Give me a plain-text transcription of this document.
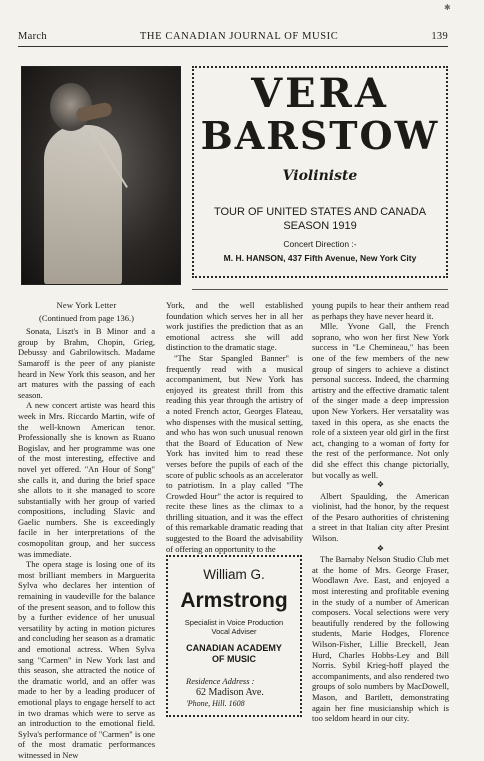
✱
March	THE CANADIAN JOURNAL OF MUSIC	139
VERA
BARSTOW
Violiniste
TOUR OF UNITED STATES AND CANADA
SEASON 1919
Concert Direction :-
M. H. HANSON, 437 Fifth Avenue, New York City
New York Letter

(Continued from page 136.)

Sonata, Liszt's in B Minor and a group by Brahm, Chopin, Grieg, Debussy and Gabrilowitsch. Madame Samaroff is the peer of any pianiste heard in New York this season, and her art matures with the passing of each season.

A new concert artiste was heard this week in Mrs. Riccardo Martin, wife of the well-known American tenor. Professionally she is known as Ruano Bogislav, and her programme was one of the most interesting, effective and novel yet offered. "An Hour of Song" she calls it, and during the brief space she allots to it she managed to score substantially with her group of varied compositions, including Slavic and Gaelic numbers. She is exceedingly facile in her interpretations of the cosmopolitan group, and her success was immediate.

The opera stage is losing one of its most brilliant members in Marguerita Sylva who declares her intention of remaining in vaudeville for the balance of the present season, and to follow this by a further evidence of her unusual versatility by acting in motion pictures and concluding her season as a dramatic and emotional actress. When Sylva sang "Carmen" in New York last and this season, she attracted the notice of the dramatic world, and an offer was made to her by a leading producer of emotional plays to engage herself to act in two dramas which were to serve as an introduction to the emotional field. Sylva's performance of "Carmen" is one of the most dramatic performances witnessed in New

York, and the well established foundation which serves her in all her work justifies the prediction that as an emotional actress she will add distinction to the dramatic stage.

"The Star Spangled Banner" is frequently read with a musical accompaniment, but New York has enjoyed its greatest thrill from this reading this year through the artistry of a noted French actor, Georges Flateau, who dispenses with the musical setting, and who has won such unusual renown that the Board of Education of New York has invited him to read these verses before the pupils of each of the score of public schools as an accelerator to patriotism. In a play called "The Crowded Hour" the actor is required to recite these lines as the climax to a thrilling situation, and it was the effect of this remarkable dramatic reading that suggested to the Board the advisability of offering an opportunity to the

young pupils to hear their anthem read as perhaps they have never heard it.

Mlle. Yvone Gall, the French soprano, who won her first New York success in "Le Chemineau," has been one of the few members of the new group of singers to achieve a distinct personal success. Indeed, the charming artistry and the effective dramatic talent of the singer made a deep impression upon New Yorkers. Her versatality was taxed in this opera, as she enacts the role of a sixteen year old girl in the first act, changing to a woman of forty for the rest of the performance. Not only did she effect this change pictorially, but vocally as well.

❖

Albert Spaulding, the American violinist, had the honor, by the request of the Pesaro authorities of christening a street in that Italian city after Presint Wilson.

❖

The Barnaby Nelson Studio Club met at the home of Mrs. George Fraser, Woodlawn Ave. East, and enjoyed a most interesting and profitable evening in the study of a number of American composers. Vocal selections were very beautifully rendered by the following students, Marie Hodges, Florence Wilson-Fisher, Lillie Breckell, Jean Hurd, Charles Hobbs-Ley and Bill Norris. Sybil Krieg-hoff played the accompaniments, and also rendered two groups of solo numbers by MacDowell, Mason, and Bartlett, demonstrating again her fine musicianship which is too seldom heard in our city.

William G.
Armstrong
Specialist in Voice Production
Vocal Adviser
CANADIAN ACADEMY
OF MUSIC
Residence Address :
62 Madison Ave.
'Phone, Hill. 1608
